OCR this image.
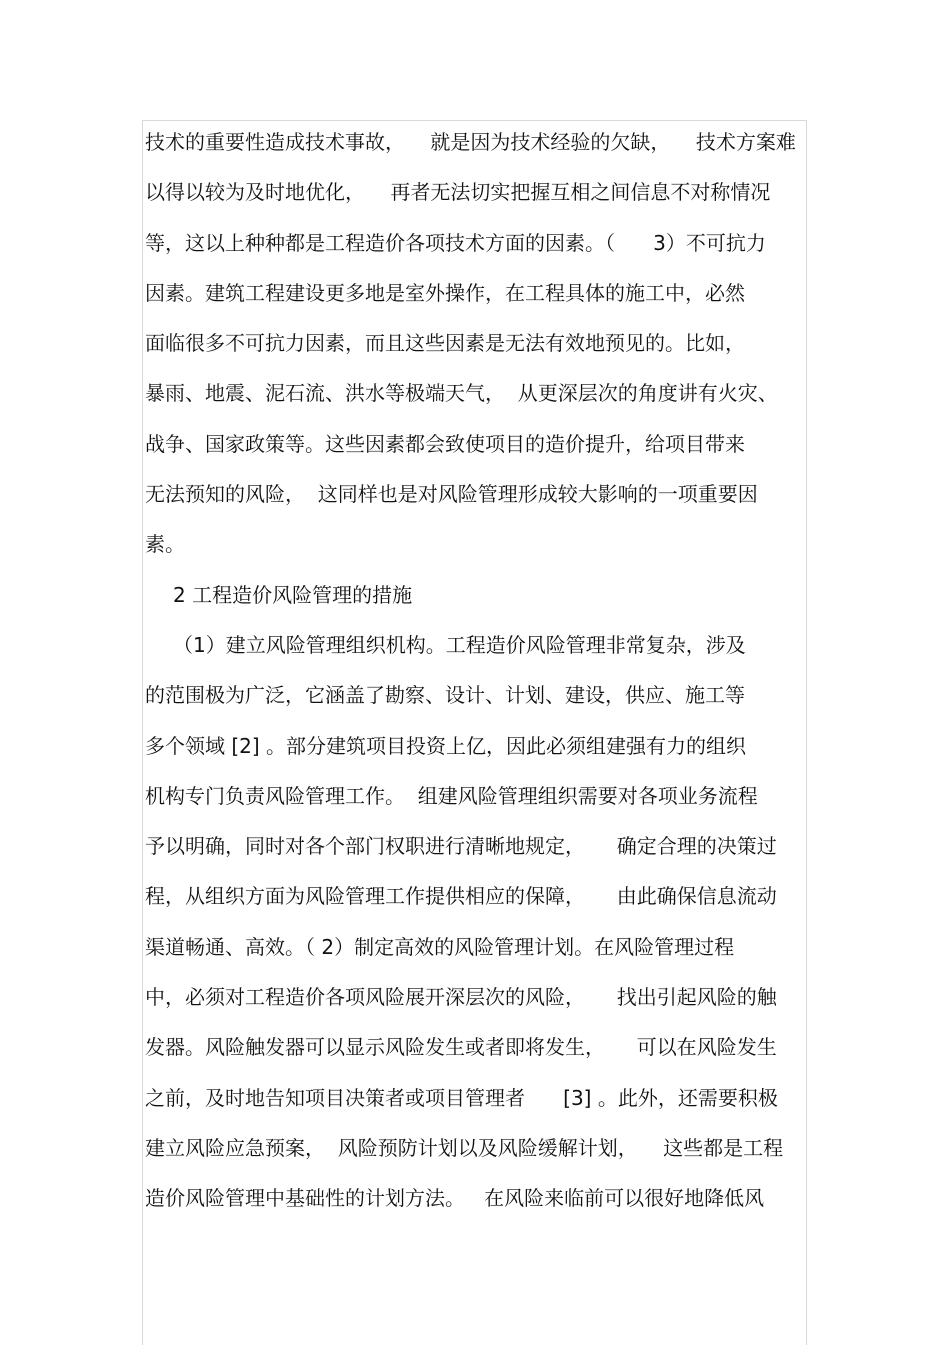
技术的重要性造成技术事故，    就是因为技术经验的欠缺，    技术方案难
以得以较为及时地优化，    再者无法切实把握互相之间信息不对称情况
等，这以上种种都是工程造价各项技术方面的因素。（      3）不可抗力
因素。建筑工程建设更多地是室外操作，在工程具体的施工中，必然
面临很多不可抗力因素，而且这些因素是无法有效地预见的。比如，
暴雨、地震、泥石流、洪水等极端天气，  从更深层次的角度讲有火灾、
战争、国家政策等。这些因素都会致使项目的造价提升，给项目带来
无法预知的风险，  这同样也是对风险管理形成较大影响的一项重要因
素。
2 工程造价风险管理的措施
（1）建立风险管理组织机构。工程造价风险管理非常复杂，涉及
的范围极为广泛，它涵盖了勘察、设计、计划、建设，供应、施工等
多个领域 [2] 。部分建筑项目投资上亿，因此必须组建强有力的组织
机构专门负责风险管理工作。  组建风险管理组织需要对各项业务流程
予以明确，同时对各个部门权职进行清晰地规定，     确定合理的决策过
程，从组织方面为风险管理工作提供相应的保障，     由此确保信息流动
渠道畅通、高效。（ 2）制定高效的风险管理计划。在风险管理过程
中，必须对工程造价各项风险展开深层次的风险，     找出引起风险的触
发器。风险触发器可以显示风险发生或者即将发生，     可以在风险发生
之前，及时地告知项目决策者或项目管理者      [3] 。此外，还需要积极
建立风险应急预案，  风险预防计划以及风险缓解计划，    这些都是工程
造价风险管理中基础性的计划方法。   在风险来临前可以很好地降低风
